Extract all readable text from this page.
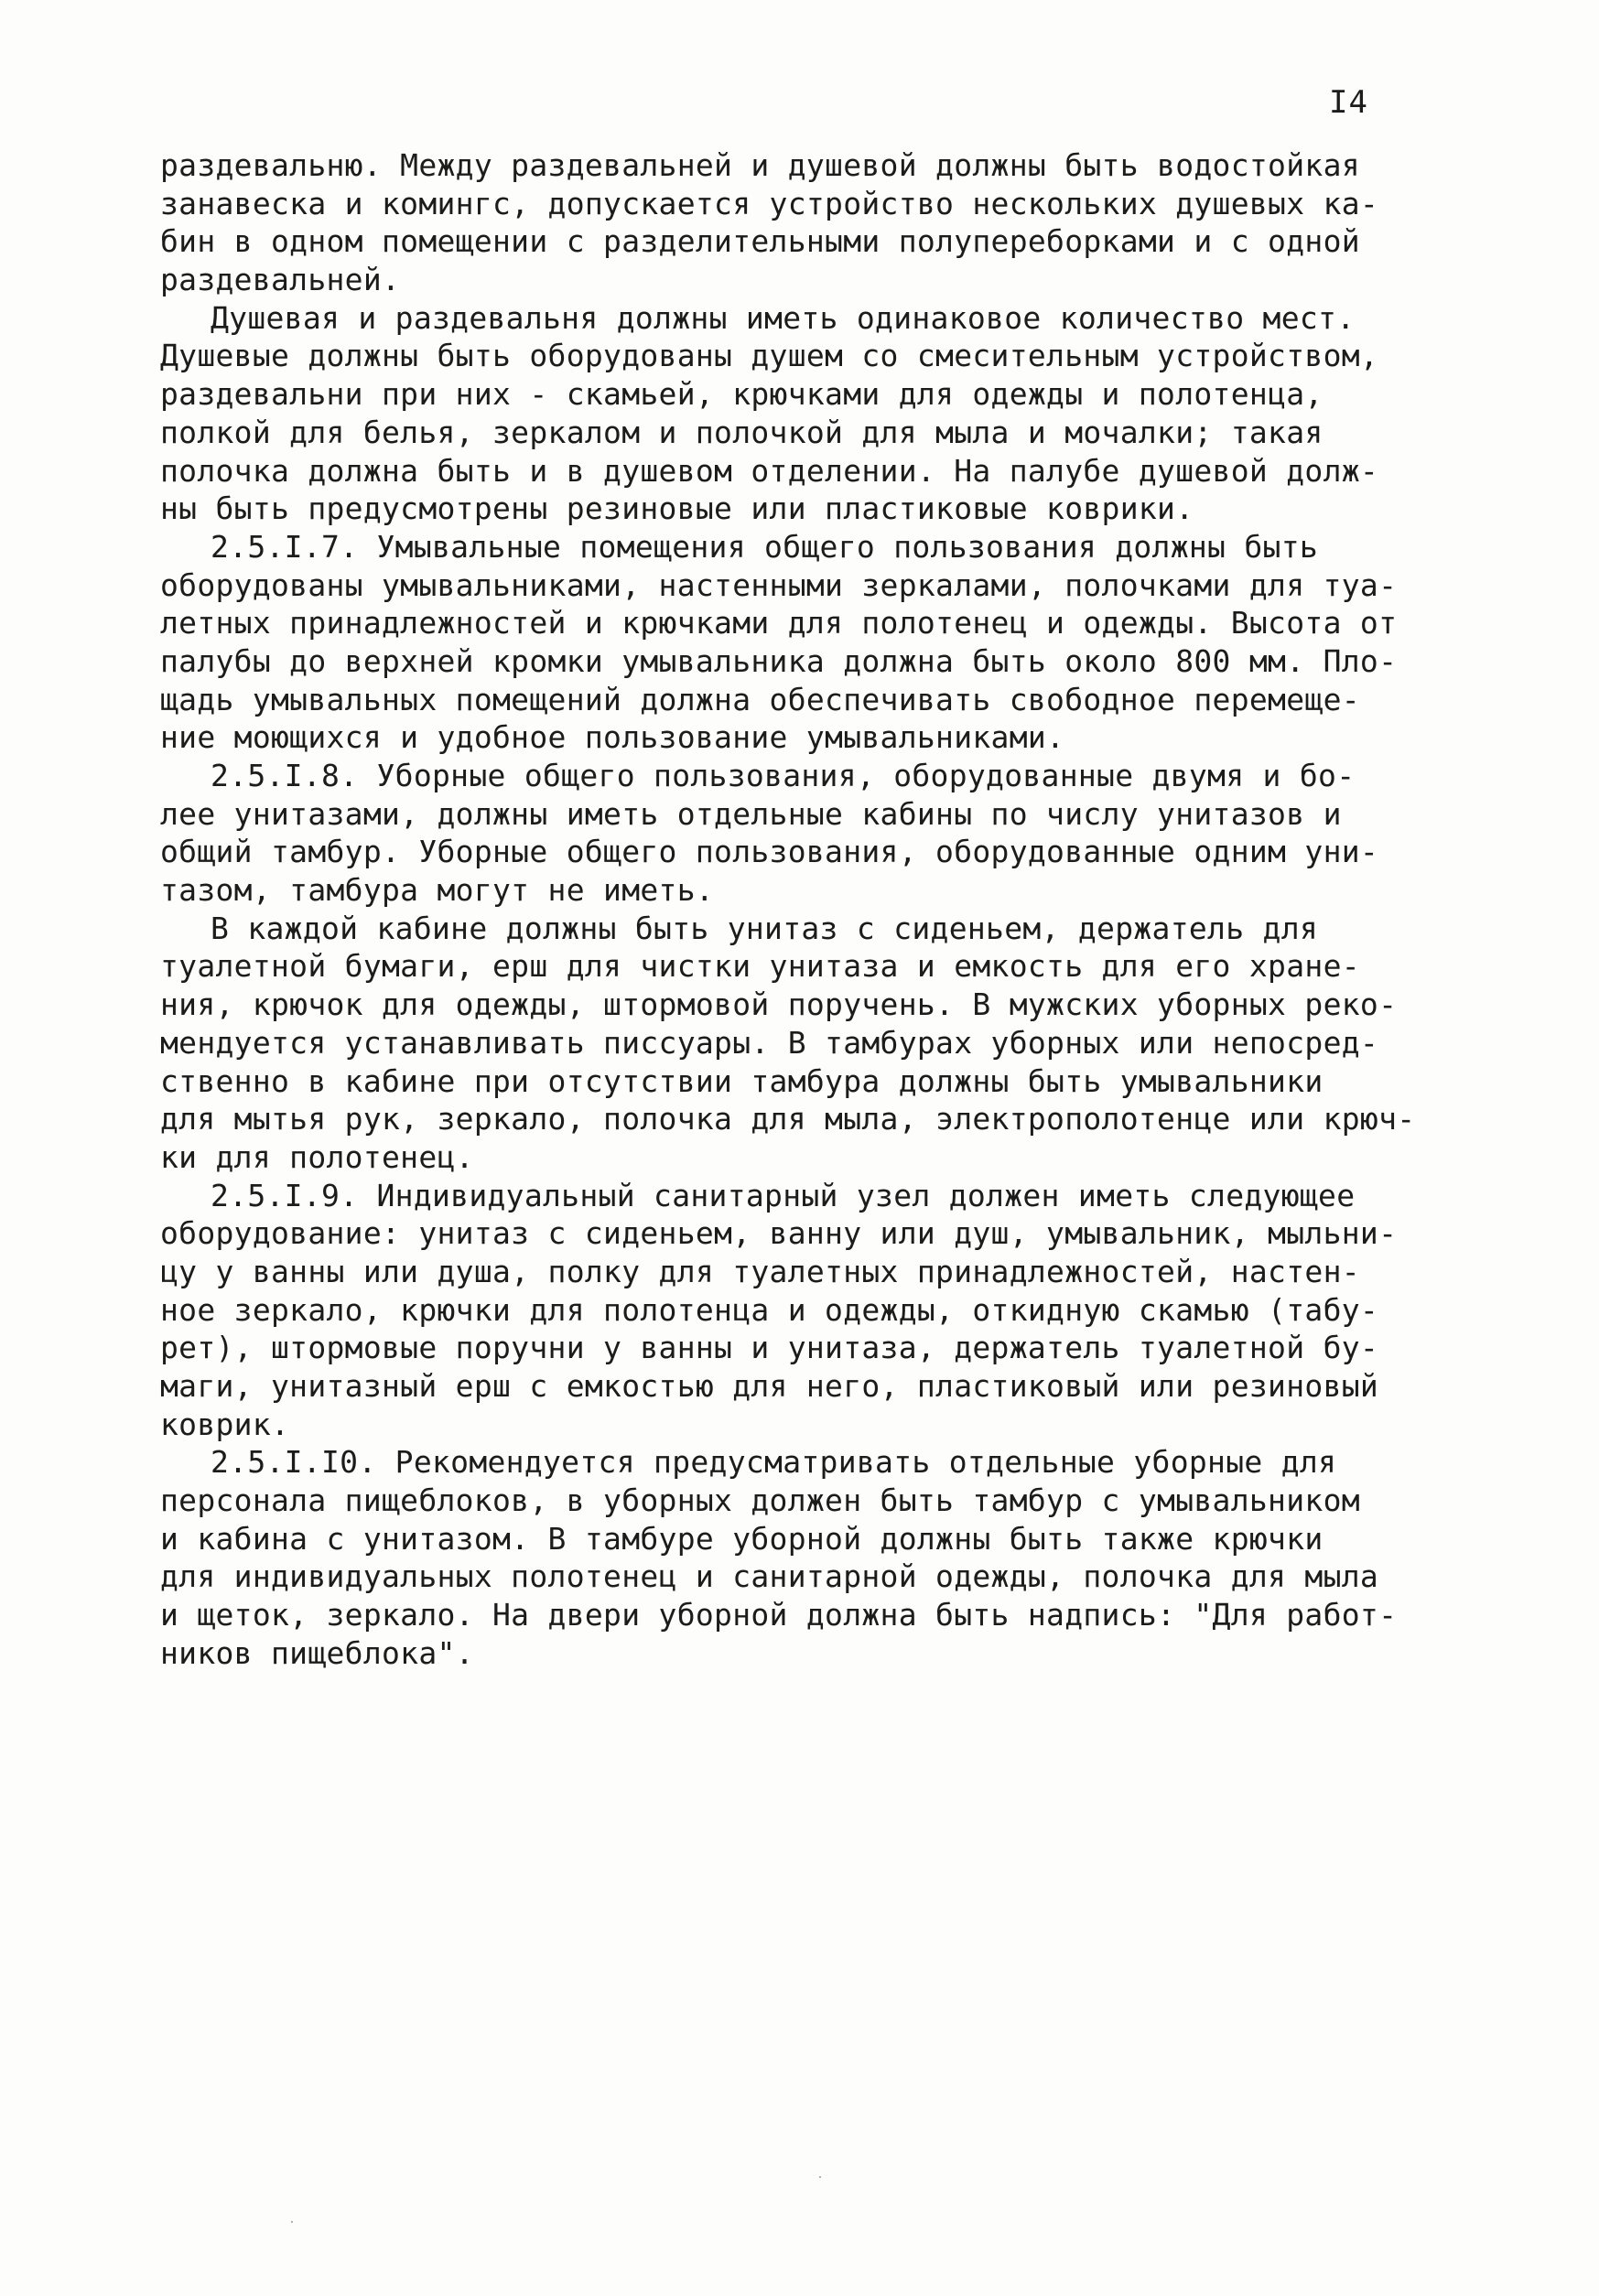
I4
раздевальню. Между раздевальней и душевой должны быть водостойкая
занавеска и комингс, допускается устройство нескольких душевых ка-
бин в одном помещении с разделительными полупереборками и с одной
раздевальней.
Душевая и раздевальня должны иметь одинаковое количество мест.
Душевые должны быть оборудованы душем со смесительным устройством,
раздевальни при них - скамьей, крючками для одежды и полотенца,
полкой для белья, зеркалом и полочкой для мыла и мочалки; такая
полочка должна быть и в душевом отделении. На палубе душевой долж-
ны быть предусмотрены резиновые или пластиковые коврики.
2.5.I.7. Умывальные помещения общего пользования должны быть
оборудованы умывальниками, настенными зеркалами, полочками для туа-
летных принадлежностей и крючками для полотенец и одежды. Высота от
палубы до верхней кромки умывальника должна быть около 800 мм. Пло-
щадь умывальных помещений должна обеспечивать свободное перемеще-
ние моющихся и удобное пользование умывальниками.
2.5.I.8. Уборные общего пользования, оборудованные двумя и бо-
лее унитазами, должны иметь отдельные кабины по числу унитазов и
общий тамбур. Уборные общего пользования, оборудованные одним уни-
тазом, тамбура могут не иметь.
В каждой кабине должны быть унитаз с сиденьем, держатель для
туалетной бумаги, ерш для чистки унитаза и емкость для его хране-
ния, крючок для одежды, штормовой поручень. В мужских уборных реко-
мендуется устанавливать писсуары. В тамбурах уборных или непосред-
ственно в кабине при отсутствии тамбура должны быть умывальники
для мытья рук, зеркало, полочка для мыла, электрополотенце или крюч-
ки для полотенец.
2.5.I.9. Индивидуальный санитарный узел должен иметь следующее
оборудование: унитаз с сиденьем, ванну или душ, умывальник, мыльни-
цу у ванны или душа, полку для туалетных принадлежностей, настен-
ное зеркало, крючки для полотенца и одежды, откидную скамью (табу-
рет), штормовые поручни у ванны и унитаза, держатель туалетной бу-
маги, унитазный ерш с емкостью для него, пластиковый или резиновый
коврик.
2.5.I.I0. Рекомендуется предусматривать отдельные уборные для
персонала пищеблоков, в уборных должен быть тамбур с умывальником
и кабина с унитазом. В тамбуре уборной должны быть также крючки
для индивидуальных полотенец и санитарной одежды, полочка для мыла
и щеток, зеркало. На двери уборной должна быть надпись: "Для работ-
ников пищеблока".
